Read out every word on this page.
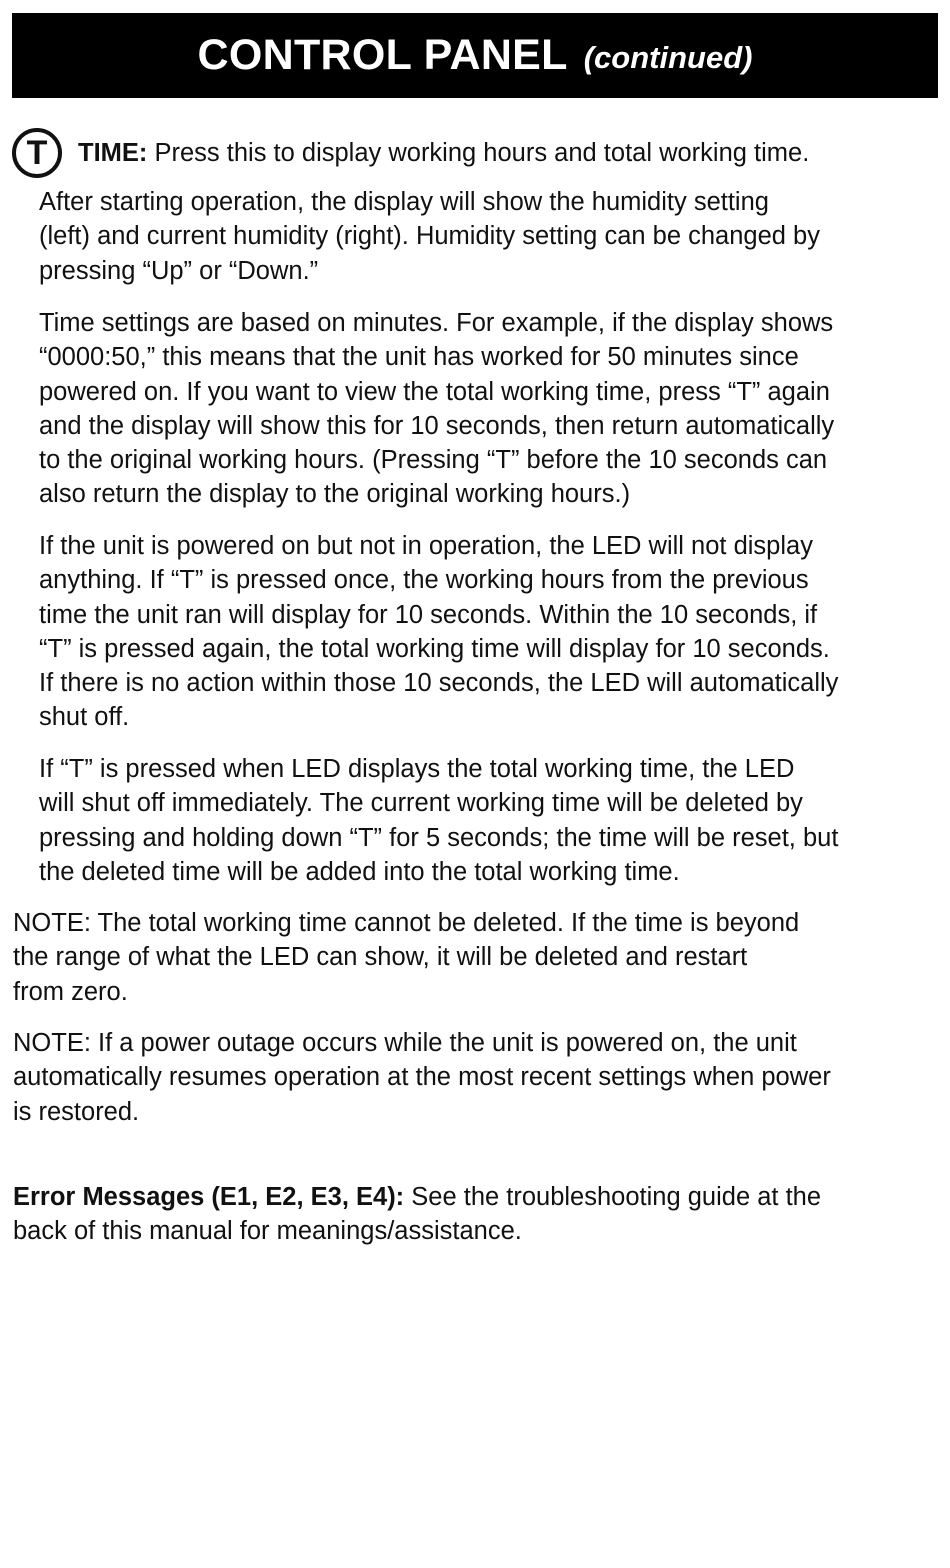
CONTROL PANEL (continued)
T	TIME: Press this to display working hours and total working time.

After starting operation, the display will show the humidity setting
(left) and current humidity (right). Humidity setting can be changed by
pressing “Up” or “Down.”

Time settings are based on minutes. For example, if the display shows
“0000:50,” this means that the unit has worked for 50 minutes since
powered on. If you want to view the total working time, press “T” again
and the display will show this for 10 seconds, then return automatically
to the original working hours. (Pressing “T” before the 10 seconds can
also return the display to the original working hours.)

If the unit is powered on but not in operation, the LED will not display
anything. If “T” is pressed once, the working hours from the previous
time the unit ran will display for 10 seconds. Within the 10 seconds, if
“T” is pressed again, the total working time will display for 10 seconds.
If there is no action within those 10 seconds, the LED will automatically
shut off.

If “T” is pressed when LED displays the total working time, the LED
will shut off immediately. The current working time will be deleted by
pressing and holding down “T” for 5 seconds; the time will be reset, but
the deleted time will be added into the total working time.

NOTE: The total working time cannot be deleted. If the time is beyond
the range of what the LED can show, it will be deleted and restart
from zero.

NOTE: If a power outage occurs while the unit is powered on, the unit
automatically resumes operation at the most recent settings when power
is restored.

Error Messages (E1, E2, E3, E4): See the troubleshooting guide at the
back of this manual for meanings/assistance.
